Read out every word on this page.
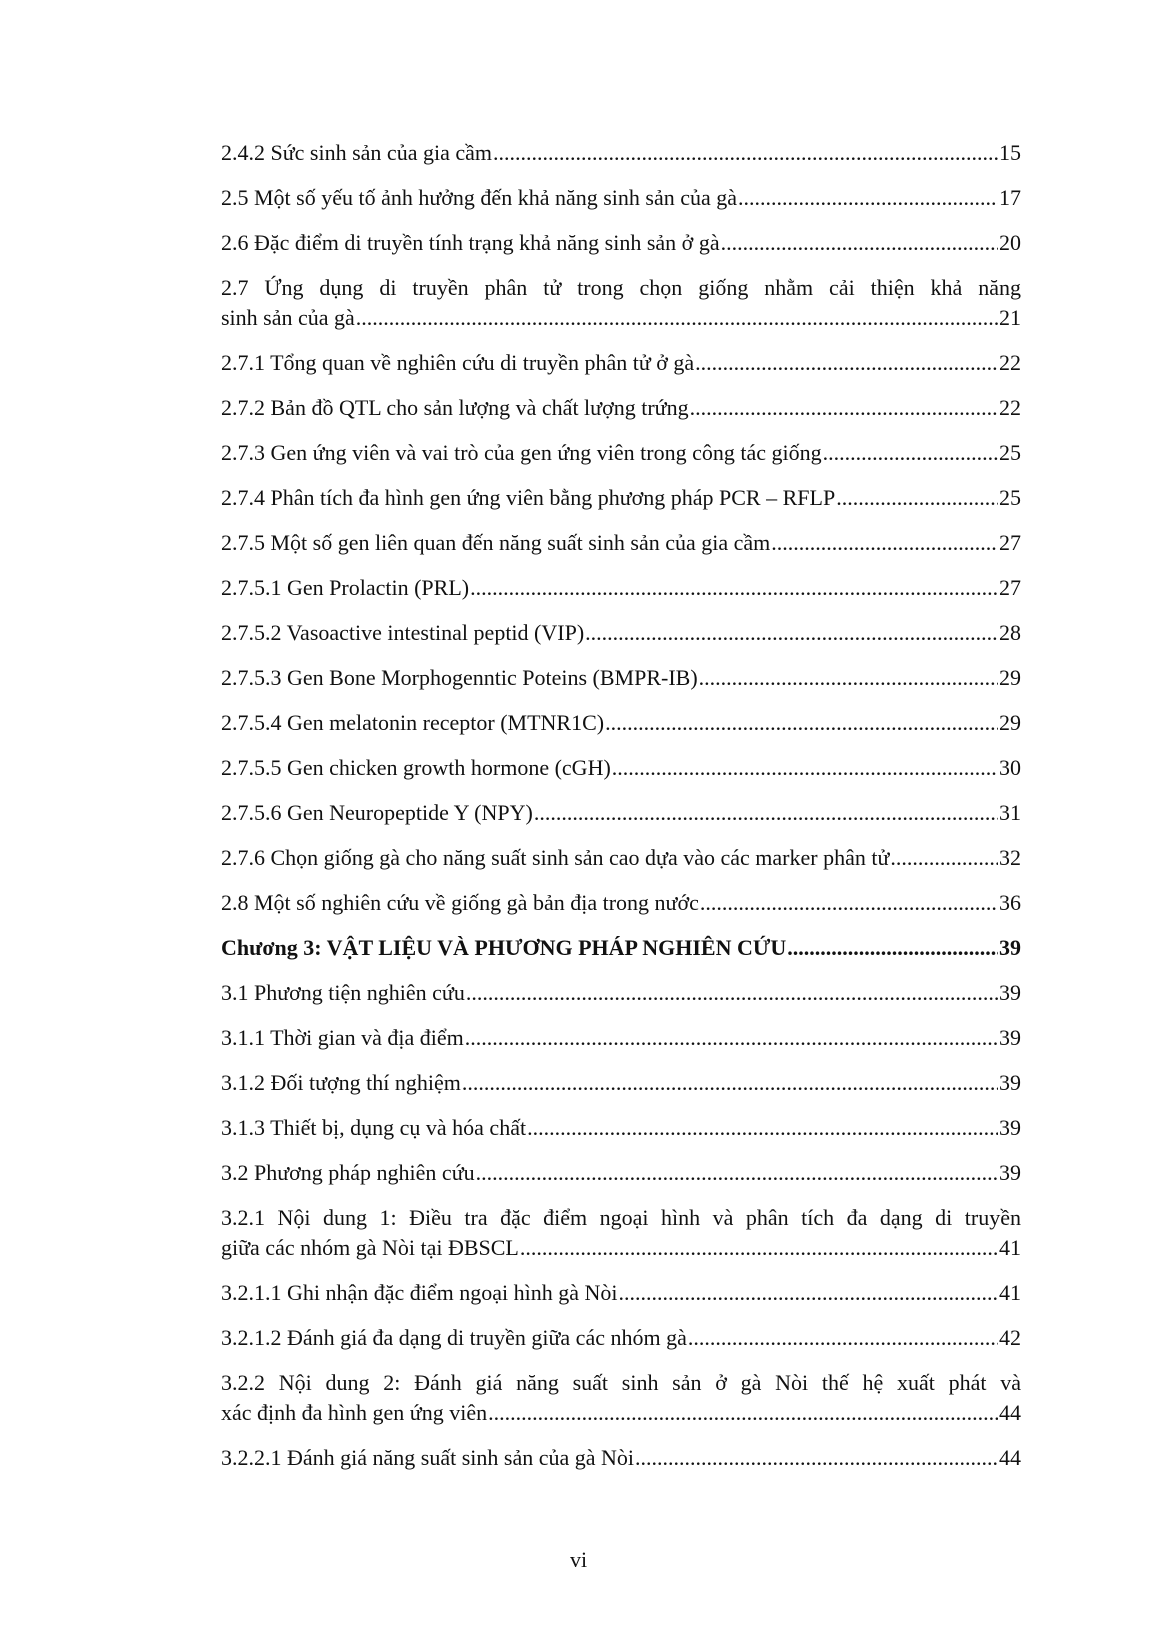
2.4.2 Sức sinh sản của gia cầm .....	15
2.5 Một số yếu tố ảnh hưởng đến khả năng sinh sản của gà .....	17
2.6 Đặc điểm di truyền tính trạng khả năng sinh sản ở gà .....	20
2.7 Ứng dụng di truyền phân tử trong chọn giống nhằm cải thiện khả năng
sinh sản của gà .....	21
2.7.1 Tổng quan về nghiên cứu di truyền phân tử ở gà .....	22
2.7.2 Bản đồ QTL cho sản lượng và chất lượng trứng .....	22
2.7.3 Gen ứng viên và vai trò của gen ứng viên trong công tác giống .....	25
2.7.4 Phân tích đa hình gen ứng viên bằng phương pháp PCR – RFLP .....	25
2.7.5 Một số gen liên quan đến năng suất sinh sản của gia cầm .....	27
2.7.5.1 Gen Prolactin (PRL) .....	27
2.7.5.2 Vasoactive intestinal peptid (VIP) .....	28
2.7.5.3 Gen Bone Morphogenntic Poteins (BMPR-IB) .....	29
2.7.5.4 Gen melatonin receptor (MTNR1C) .....	29
2.7.5.5 Gen chicken growth hormone (cGH) .....	30
2.7.5.6 Gen Neuropeptide Y (NPY) .....	31
2.7.6 Chọn giống gà cho năng suất sinh sản cao dựa vào các marker phân tử .....	32
2.8 Một số nghiên cứu về giống gà bản địa trong nước .....	36
Chương 3: VẬT LIỆU VÀ PHƯƠNG PHÁP NGHIÊN CỨU .....	39
3.1 Phương tiện nghiên cứu .....	39
3.1.1 Thời gian và địa điểm .....	39
3.1.2 Đối tượng thí nghiệm .....	39
3.1.3 Thiết bị, dụng cụ và hóa chất .....	39
3.2 Phương pháp nghiên cứu .....	39
3.2.1 Nội dung 1: Điều tra đặc điểm ngoại hình và phân tích đa dạng di truyền
giữa các nhóm gà Nòi tại ĐBSCL .....	41
3.2.1.1 Ghi nhận đặc điểm ngoại hình gà Nòi .....	41
3.2.1.2 Đánh giá đa dạng di truyền giữa các nhóm gà .....	42
3.2.2 Nội dung 2: Đánh giá năng suất sinh sản ở gà Nòi thế hệ xuất phát và
xác định đa hình gen ứng viên .....	44
3.2.2.1 Đánh giá năng suất sinh sản của gà Nòi .....	44
vi
